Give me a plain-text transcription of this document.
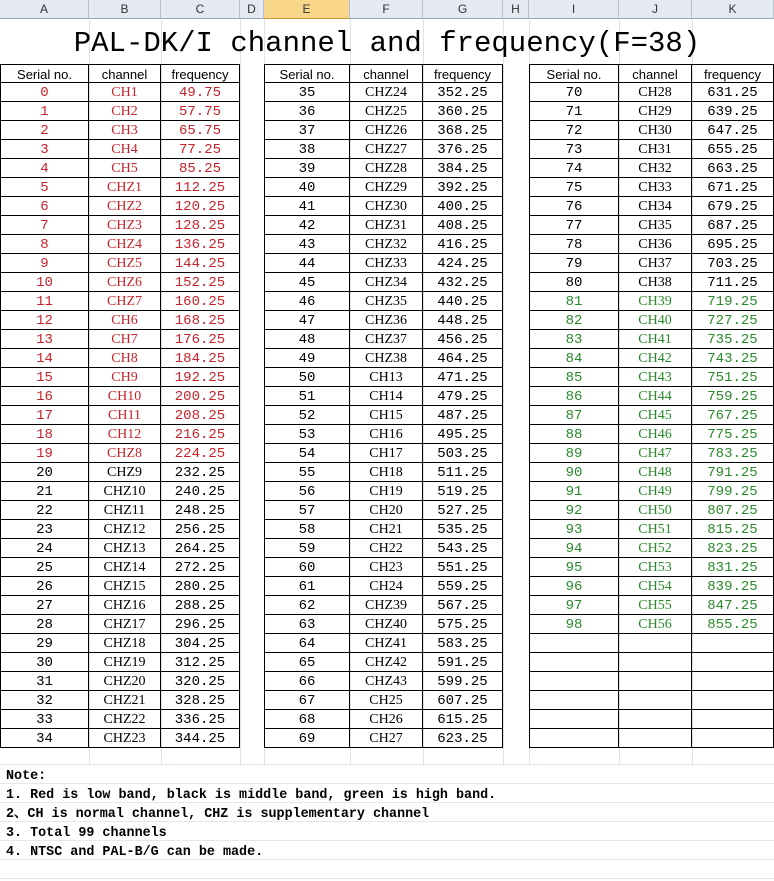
A	B	C	D	E	F	G	H	I	J	K
PAL-DK/I channel and frequency(F=38)
Serial no.	channel	frequency
0	CH1	49.75
1	CH2	57.75
2	CH3	65.75
3	CH4	77.25
4	CH5	85.25
5	CHZ1	112.25
6	CHZ2	120.25
7	CHZ3	128.25
8	CHZ4	136.25
9	CHZ5	144.25
10	CHZ6	152.25
11	CHZ7	160.25
12	CH6	168.25
13	CH7	176.25
14	CH8	184.25
15	CH9	192.25
16	CH10	200.25
17	CH11	208.25
18	CH12	216.25
19	CHZ8	224.25
20	CHZ9	232.25
21	CHZ10	240.25
22	CHZ11	248.25
23	CHZ12	256.25
24	CHZ13	264.25
25	CHZ14	272.25
26	CHZ15	280.25
27	CHZ16	288.25
28	CHZ17	296.25
29	CHZ18	304.25
30	CHZ19	312.25
31	CHZ20	320.25
32	CHZ21	328.25
33	CHZ22	336.25
34	CHZ23	344.25
Serial no.	channel	frequency
35	CHZ24	352.25
36	CHZ25	360.25
37	CHZ26	368.25
38	CHZ27	376.25
39	CHZ28	384.25
40	CHZ29	392.25
41	CHZ30	400.25
42	CHZ31	408.25
43	CHZ32	416.25
44	CHZ33	424.25
45	CHZ34	432.25
46	CHZ35	440.25
47	CHZ36	448.25
48	CHZ37	456.25
49	CHZ38	464.25
50	CH13	471.25
51	CH14	479.25
52	CH15	487.25
53	CH16	495.25
54	CH17	503.25
55	CH18	511.25
56	CH19	519.25
57	CH20	527.25
58	CH21	535.25
59	CH22	543.25
60	CH23	551.25
61	CH24	559.25
62	CHZ39	567.25
63	CHZ40	575.25
64	CHZ41	583.25
65	CHZ42	591.25
66	CHZ43	599.25
67	CH25	607.25
68	CH26	615.25
69	CH27	623.25
Serial no.	channel	frequency
70	CH28	631.25
71	CH29	639.25
72	CH30	647.25
73	CH31	655.25
74	CH32	663.25
75	CH33	671.25
76	CH34	679.25
77	CH35	687.25
78	CH36	695.25
79	CH37	703.25
80	CH38	711.25
81	CH39	719.25
82	CH40	727.25
83	CH41	735.25
84	CH42	743.25
85	CH43	751.25
86	CH44	759.25
87	CH45	767.25
88	CH46	775.25
89	CH47	783.25
90	CH48	791.25
91	CH49	799.25
92	CH50	807.25
93	CH51	815.25
94	CH52	823.25
95	CH53	831.25
96	CH54	839.25
97	CH55	847.25
98	CH56	855.25
Note:
1. Red is low band, black is middle band, green is high band.
2、CH is normal channel, CHZ is supplementary channel
3. Total 99 channels
4. NTSC and PAL-B/G can be made.
